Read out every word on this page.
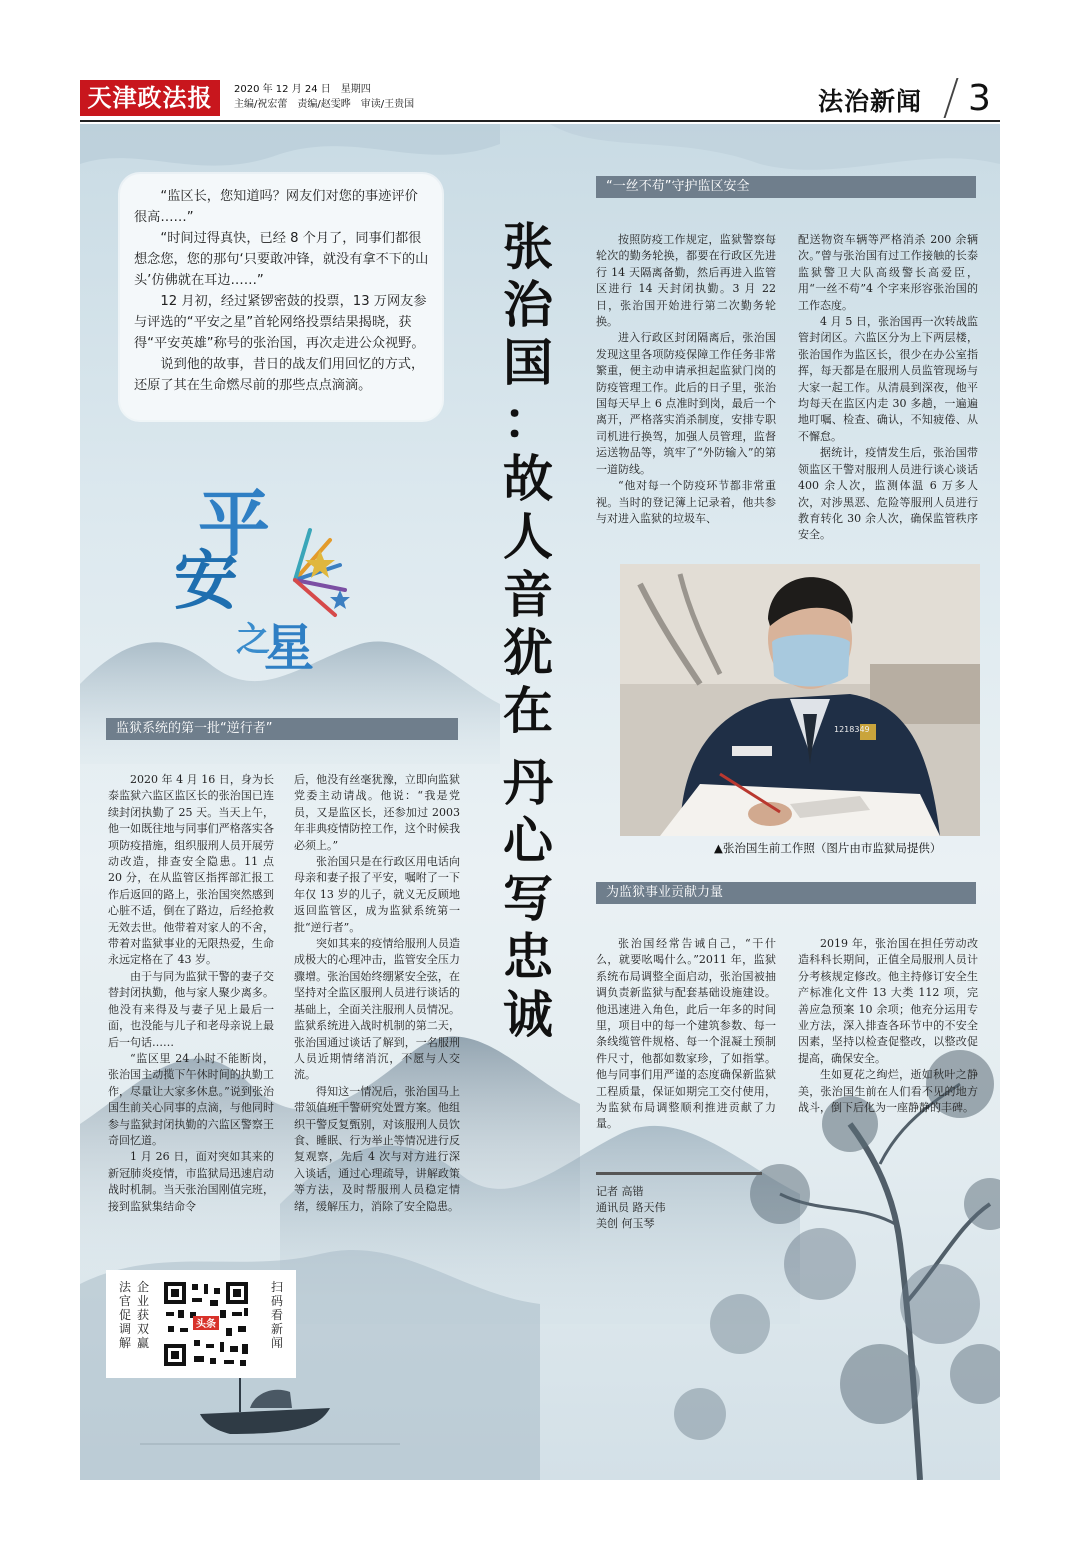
天津政法报	2020 年 12 月 24 日　星期四
主编/祝宏蕾　责编/赵雯晔　审读/王贵国	法治新闻 3

“监区长，您知道吗？网友们对您的事迹评价很高……”

“时间过得真快，已经 8 个月了，同事们都很想念您，您的那句‘只要敢冲锋，就没有拿不下的山头’仿佛就在耳边……”

12 月初，经过紧锣密鼓的投票，13 万网友参与评选的“平安之星”首轮网络投票结果揭晓，获得“平安英雄”称号的张治国，再次走进公众视野。

说到他的故事，昔日的战友们用回忆的方式，还原了其在生命燃尽前的那些点点滴滴。

平
安
之
星
张
治
国
：
故
人
音
犹
在
丹
心
写
忠
诚
“一丝不苟”守护监区安全

按照防疫工作规定，监狱警察每轮次的勤务轮换，都要在行政区先进行 14 天隔离备勤，然后再进入监管区进行 14 天封闭执勤。3 月 22 日，张治国开始进行第二次勤务轮换。

进入行政区封闭隔离后，张治国发现这里各项防疫保障工作任务非常繁重，便主动申请承担起监狱门岗的防疫管理工作。此后的日子里，张治国每天早上 6 点准时到岗，最后一个离开，严格落实消杀制度，安排专职司机进行换驾，加强人员管理，监督运送物品等，筑牢了“外防输入”的第一道防线。

“他对每一个防疫环节都非常重视。当时的登记簿上记录着，他共参与对进入监狱的垃圾车、

配送物资车辆等严格消杀 200 余辆次。”曾与张治国有过工作接触的长泰监狱警卫大队高级警长高爱臣，用“一丝不苟”4 个字来形容张治国的工作态度。

4 月 5 日，张治国再一次转战监管封闭区。六监区分为上下两层楼，张治国作为监区长，很少在办公室指挥，每天都是在服刑人员监管现场与大家一起工作。从清晨到深夜，他平均每天在监区内走 30 多趟，一遍遍地叮嘱、检查、确认，不知疲倦、从不懈怠。

据统计，疫情发生后，张治国带领监区干警对服刑人员进行谈心谈话 400 余人次，监测体温 6 万多人次，对涉黑恶、危险等服刑人员进行教育转化 30 余人次，确保监管秩序安全。

1218349
▲张治国生前工作照（图片由市监狱局提供）
监狱系统的第一批“逆行者”

2020 年 4 月 16 日，身为长泰监狱六监区监区长的张治国已连续封闭执勤了 25 天。当天上午，他一如既往地与同事们严格落实各项防疫措施，组织服刑人员开展劳动改造，排查安全隐患。11 点 20 分，在从监管区指挥部汇报工作后返回的路上，张治国突然感到心脏不适，倒在了路边，后经抢救无效去世。他带着对家人的不舍，带着对监狱事业的无限热爱，生命永远定格在了 43 岁。

由于与同为监狱干警的妻子交替封闭执勤，他与家人聚少离多。他没有来得及与妻子见上最后一面，也没能与儿子和老母亲说上最后一句话……

“监区里 24 小时不能断岗，张治国主动揽下午休时间的执勤工作，尽量让大家多休息。”说到张治国生前关心同事的点滴，与他同时参与监狱封闭执勤的六监区警察王奇回忆道。

1 月 26 日，面对突如其来的新冠肺炎疫情，市监狱局迅速启动战时机制。当天张治国刚值完班，接到监狱集结命令

后，他没有丝毫犹豫，立即向监狱党委主动请战。他说：“我是党员，又是监区长，还参加过 2003 年非典疫情防控工作，这个时候我必须上。”

张治国只是在行政区用电话向母亲和妻子报了平安，嘱咐了一下年仅 13 岁的儿子，就义无反顾地返回监管区，成为监狱系统第一批“逆行者”。

突如其来的疫情给服刑人员造成极大的心理冲击，监管安全压力骤增。张治国始终绷紧安全弦，在坚持对全监区服刑人员进行谈话的基础上，全面关注服刑人员情况。监狱系统进入战时机制的第二天，张治国通过谈话了解到，一名服刑人员近期情绪消沉，不愿与人交流。

得知这一情况后，张治国马上带领值班干警研究处置方案。他组织干警反复甄别，对该服刑人员饮食、睡眠、行为举止等情况进行反复观察，先后 4 次与对方进行深入谈话，通过心理疏导，讲解政策等方法，及时帮服刑人员稳定情绪，缓解压力，消除了安全隐患。

为监狱事业贡献力量

张治国经常告诫自己，“干什么，就要吆喝什么。”2011 年，监狱系统布局调整全面启动，张治国被抽调负责新监狱与配套基础设施建设。他迅速进入角色，此后一年多的时间里，项目中的每一个建筑参数、每一条线缆管件规格、每一个混凝土预制件尺寸，他都如数家珍，了如指掌。他与同事们用严谨的态度确保新监狱工程质量，保证如期完工交付使用，为监狱布局调整顺利推进贡献了力量。

2019 年，张治国在担任劳动改造科科长期间，正值全局服刑人员计分考核规定修改。他主持修订安全生产标准化文件 13 大类 112 项，完善应急预案 10 余项；他充分运用专业方法，深入排查各环节中的不安全因素，坚持以检查促整改，以整改促提高，确保安全。

生如夏花之绚烂，逝如秋叶之静美，张治国生前在人们看不见的地方战斗，倒下后化为一座静静的丰碑。

记者 高锴
通讯员 路天伟
美创 何玉琴
法官促调解
企业获双赢
头条
扫码看新闻
